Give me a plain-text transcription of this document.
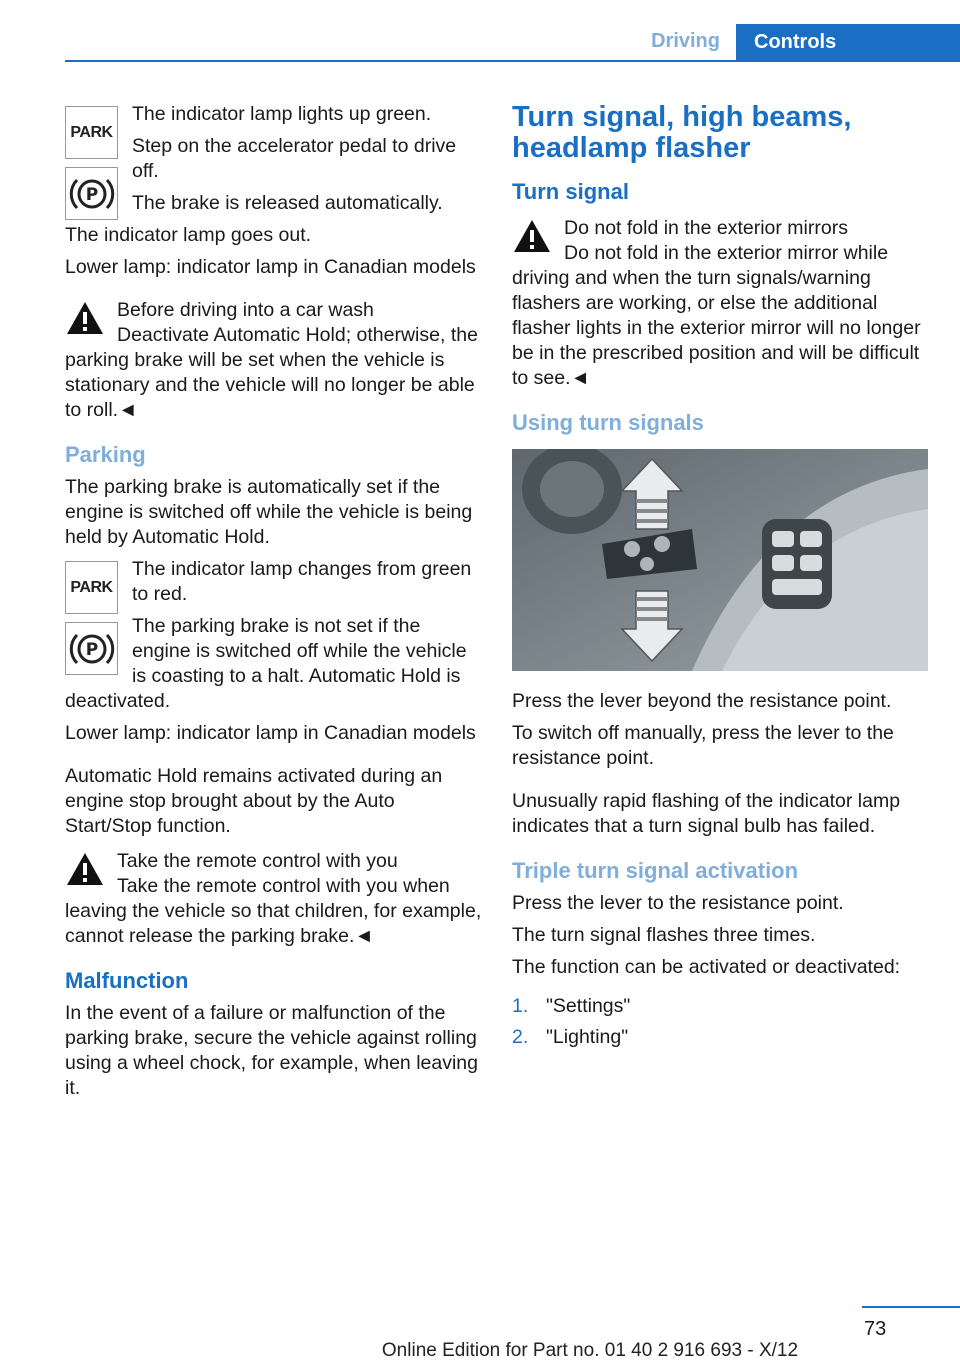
Driving	Controls
PARK
P

The indicator lamp lights up green.

Step on the accelerator pedal to drive off.

The brake is released automatically.

The indicator lamp goes out.

Lower lamp: indicator lamp in Canadian models

Before driving into a car wash
Deactivate Automatic Hold; otherwise, the parking brake will be set when the vehicle is stationary and the vehicle will no longer be able to roll.◄
Parking

The parking brake is automatically set if the engine is switched off while the vehicle is being held by Automatic Hold.

PARK
P

The indicator lamp changes from green to red.

The parking brake is not set if the engine is switched off while the vehicle is coasting to a halt. Automatic Hold is deactivated.

Lower lamp: indicator lamp in Canadian models

Automatic Hold remains activated during an engine stop brought about by the Auto Start/Stop function.

Take the remote control with you
Take the remote control with you when leaving the vehicle so that children, for example, cannot release the parking brake.◄
Malfunction

In the event of a failure or malfunction of the parking brake, secure the vehicle against rolling using a wheel chock, for example, when leaving it.

Turn signal, high beams, headlamp flasher
Turn signal
Do not fold in the exterior mirrors
Do not fold in the exterior mirror while driving and when the turn signals/warning flashers are working, or else the additional flasher lights in the exterior mirror will no longer be in the prescribed position and will be difficult to see.◄
Using turn signals

Press the lever beyond the resistance point.

To switch off manually, press the lever to the resistance point.

Unusually rapid flashing of the indicator lamp indicates that a turn signal bulb has failed.

Triple turn signal activation

Press the lever to the resistance point.

The turn signal flashes three times.

The function can be activated or deactivated:

1. "Settings"
2. "Lighting"
73
Online Edition for Part no. 01 40 2 916 693 - X/12
